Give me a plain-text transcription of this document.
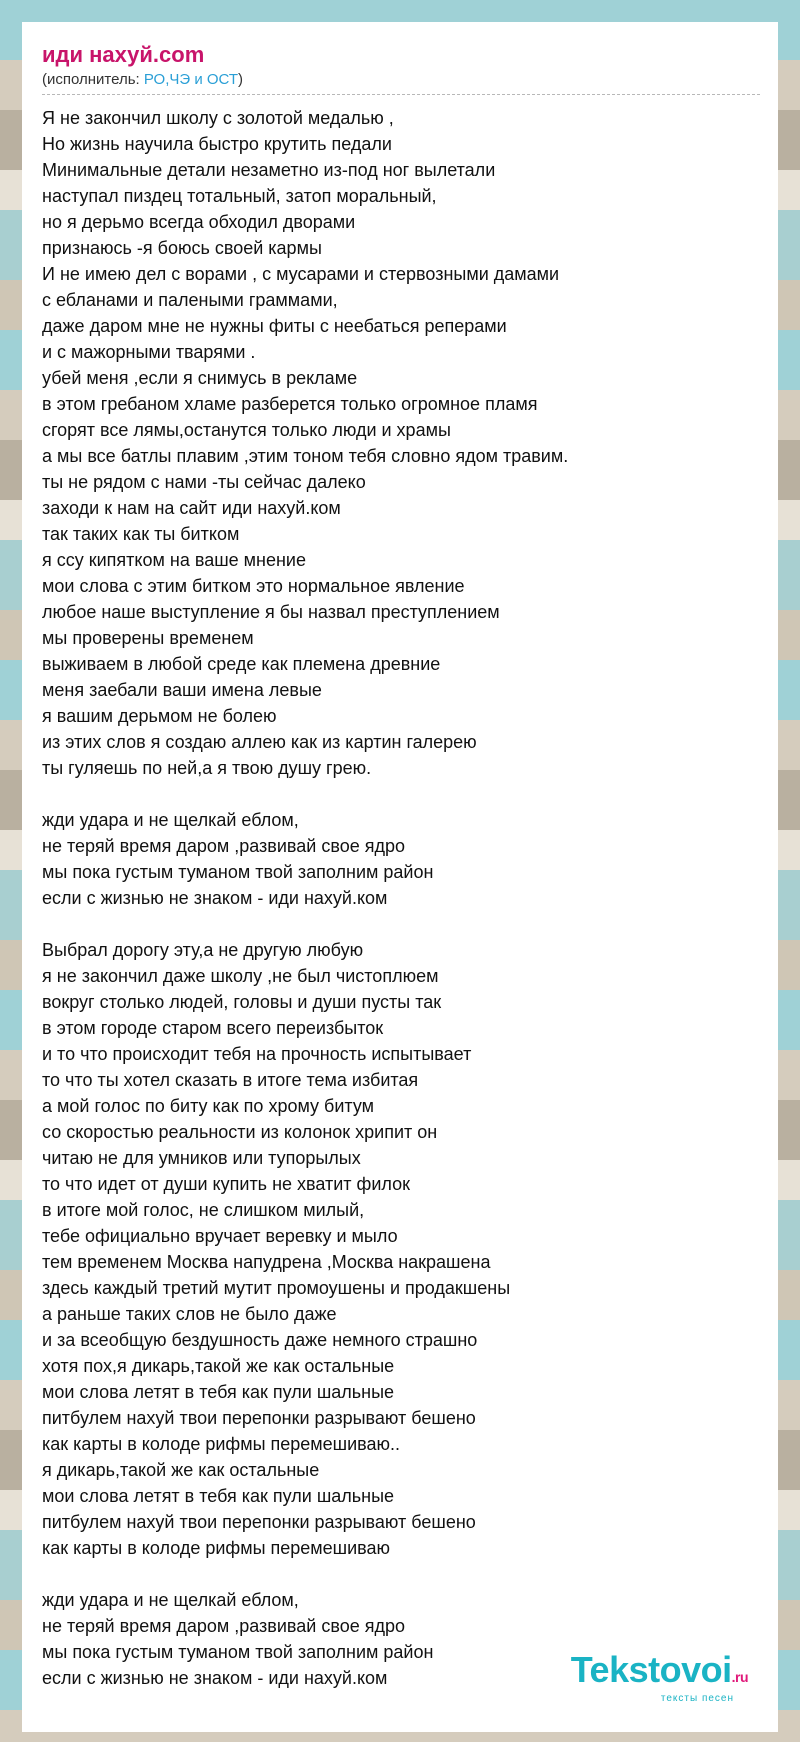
иди нахуй.com
(исполнитель: РО,ЧЭ и ОСТ)
Я не закончил школу с золотой медалью ,
Но жизнь научила быстро крутить педали
Минимальные детали незаметно из-под ног вылетали
наступал пиздец тотальный, затоп моральный,
но я дерьмо всегда обходил дворами
признаюсь -я боюсь своей кармы
И не имею дел с ворами , с мусарами и стервозными дамами
с ебланами и палеными граммами,
даже даром мне не нужны фиты с неебаться реперами
и с мажорными тварями .
убей меня ,если я снимусь в рекламе
в этом гребаном хламе разберется только огромное пламя
сгорят все лямы,останутся только люди и храмы
а мы все батлы плавим ,этим тоном тебя словно ядом травим.
ты не рядом с нами -ты сейчас далеко
заходи к нам на сайт иди нахуй.ком
так таких как ты битком
я ссу кипятком на ваше мнение
мои слова с этим битком это нормальное явление
любое наше выступление я бы назвал преступлением
мы проверены временем
выживаем в любой среде как племена древние
меня заебали ваши имена левые
я вашим дерьмом не болею
из этих слов я создаю аллею как из картин галерею
ты гуляешь по ней,а я твою душу грею.
жди удара и не щелкай еблом,
не теряй время даром ,развивай свое ядро
мы пока густым туманом твой заполним район
если с жизнью не знаком - иди нахуй.ком
Выбрал дорогу эту,а не другую любую
я не закончил даже школу ,не был чистоплюем
вокруг столько людей, головы и души пусты так
в этом городе старом всего переизбыток
и то что происходит тебя на прочность испытывает
то что ты хотел сказать в итоге тема избитая
а мой голос по биту как по хрому битум
со скоростью реальности из колонок хрипит он
читаю не для умников или тупорылых
то что идет от души купить не хватит филок
в итоге мой голос, не слишком милый,
тебе официально вручает веревку и мыло
тем временем Москва напудрена ,Москва накрашена
здесь каждый третий мутит промоушены и продакшены
а раньше таких слов не было даже
и за всеобщую бездушность даже немного страшно
хотя пох,я дикарь,такой же как остальные
мои слова летят в тебя как пули шальные
питбулем нахуй твои перепонки разрывают бешено
как карты в колоде рифмы перемешиваю..
я дикарь,такой же как остальные
мои слова летят в тебя как пули шальные
питбулем нахуй твои перепонки разрывают бешено
как карты в колоде рифмы перемешиваю
жди удара и не щелкай еблом,
не теряй время даром ,развивай свое ядро
мы пока густым туманом твой заполним район
если с жизнью не знаком - иди нахуй.ком	Tekstovoi.ru
тексты песен
